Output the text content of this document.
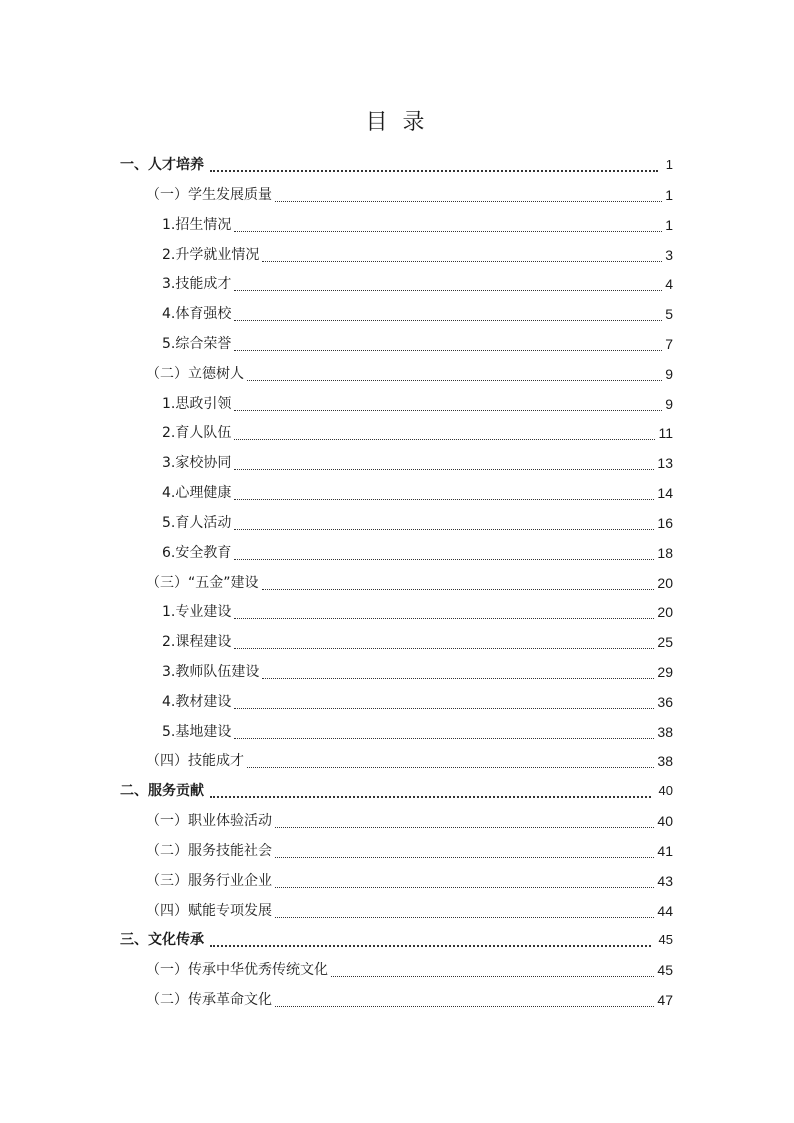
目 录
一、人才培养	1
（一）学生发展质量	1
1.招生情况	1
2.升学就业情况	3
3.技能成才	4
4.体育强校	5
5.综合荣誉	7
（二）立德树人	9
1.思政引领	9
2.育人队伍	11
3.家校协同	13
4.心理健康	14
5.育人活动	16
6.安全教育	18
（三）“五金”建设	20
1.专业建设	20
2.课程建设	25
3.教师队伍建设	29
4.教材建设	36
5.基地建设	38
（四）技能成才	38
二、服务贡献	40
（一）职业体验活动	40
（二）服务技能社会	41
（三）服务行业企业	43
（四）赋能专项发展	44
三、文化传承	45
（一）传承中华优秀传统文化	45
（二）传承革命文化	47
